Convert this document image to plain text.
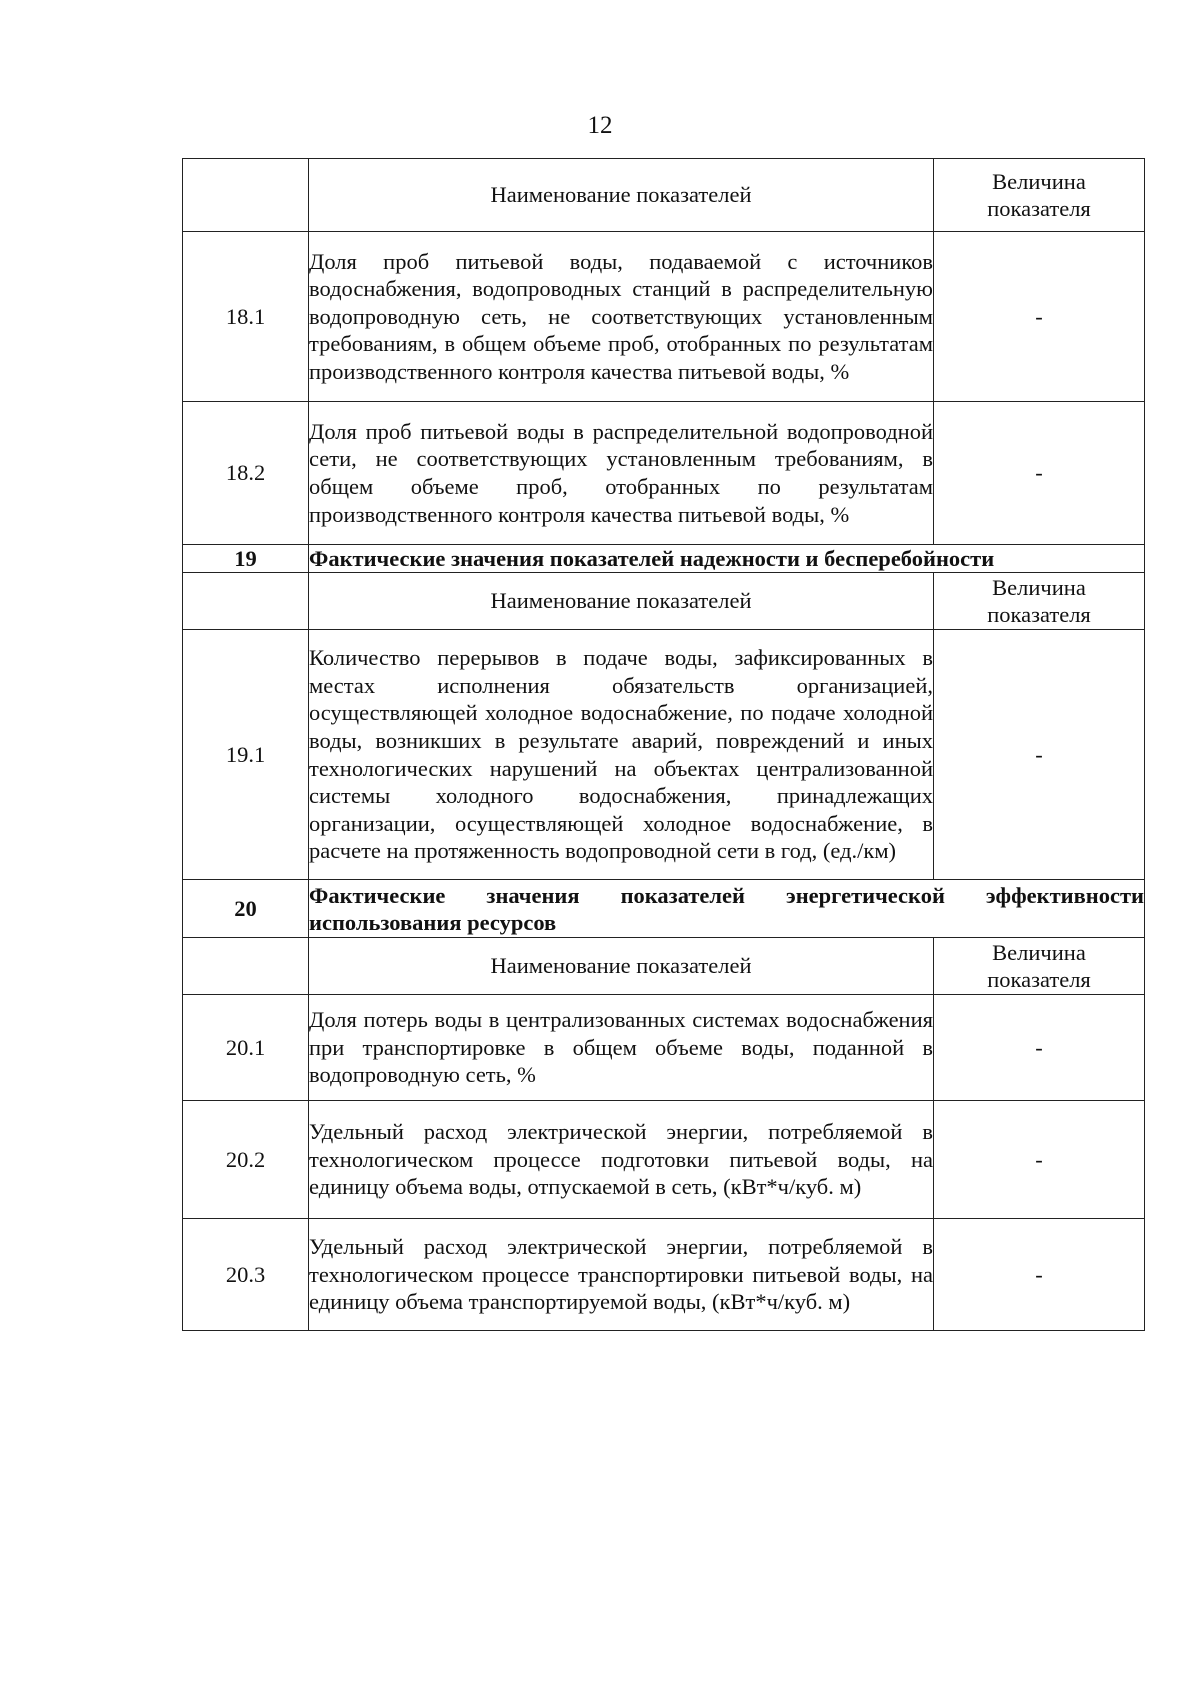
12
	Наименование показателей	Величина
показателя
18.1	Доля проб питьевой воды, подаваемой с источников водоснабжения, водопроводных станций в распределительную водопроводную сеть, не соответствующих установленным требованиям, в общем объеме проб, отобранных по результатам производственного контроля качества питьевой воды, %	-
18.2	Доля проб питьевой воды в распределительной водопроводной сети, не соответствующих установленным требованиям, в общем объеме проб, отобранных по результатам производственного контроля качества питьевой воды, %	-
19	Фактические значения показателей надежности и бесперебойности	
	Наименование показателей	Величина
показателя
19.1	Количество перерывов в подаче воды, зафиксированных в местах исполнения обязательств организацией, осуществляющей холодное водоснабжение, по подаче холодной воды, возникших в результате аварий, повреждений и иных технологических нарушений на объектах централизованной системы холодного водоснабжения, принадлежащих организации, осуществляющей холодное водоснабжение, в расчете на протяженность водопроводной сети в год, (ед./км)	-
20	Фактические значения показателей энергетической эффективности использования ресурсов	
	Наименование показателей	Величина
показателя
20.1	Доля потерь воды в централизованных системах водоснабжения при транспортировке в общем объеме воды, поданной в водопроводную сеть, %	-
20.2	Удельный расход электрической энергии, потребляемой в технологическом процессе подготовки питьевой воды, на единицу объема воды, отпускаемой в сеть, (кВт*ч/куб. м)	-
20.3	Удельный расход электрической энергии, потребляемой в технологическом процессе транспортировки питьевой воды, на единицу объема транспортируемой воды, (кВт*ч/куб. м)	-
